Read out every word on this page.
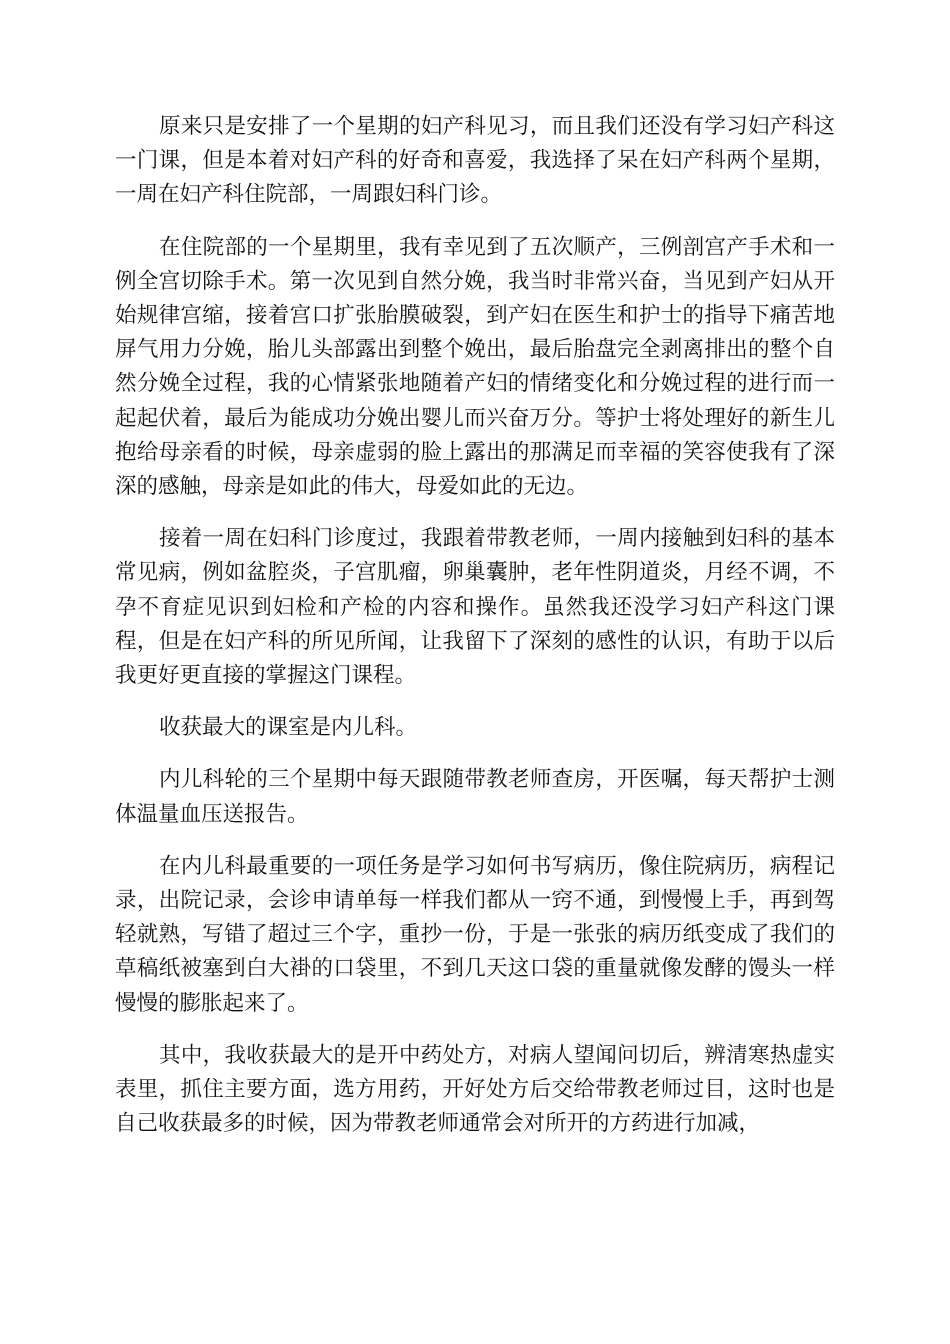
原来只是安排了一个星期的妇产科见习，而且我们还没有学习妇产科这一门课，但是本着对妇产科的好奇和喜爱，我选择了呆在妇产科两个星期，一周在妇产科住院部，一周跟妇科门诊。

在住院部的一个星期里，我有幸见到了五次顺产，三例剖宫产手术和一例全宫切除手术。第一次见到自然分娩，我当时非常兴奋，当见到产妇从开始规律宫缩，接着宫口扩张胎膜破裂，到产妇在医生和护士的指导下痛苦地屏气用力分娩，胎儿头部露出到整个娩出，最后胎盘完全剥离排出的整个自然分娩全过程，我的心情紧张地随着产妇的情绪变化和分娩过程的进行而一起起伏着，最后为能成功分娩出婴儿而兴奋万分。等护士将处理好的新生儿抱给母亲看的时候，母亲虚弱的脸上露出的那满足而幸福的笑容使我有了深深的感触，母亲是如此的伟大，母爱如此的无边。

接着一周在妇科门诊度过，我跟着带教老师，一周内接触到妇科的基本常见病，例如盆腔炎，子宫肌瘤，卵巢囊肿，老年性阴道炎，月经不调，不孕不育症见识到妇检和产检的内容和操作。虽然我还没学习妇产科这门课程，但是在妇产科的所见所闻，让我留下了深刻的感性的认识，有助于以后我更好更直接的掌握这门课程。

收获最大的课室是内儿科。

内儿科轮的三个星期中每天跟随带教老师查房，开医嘱，每天帮护士测体温量血压送报告。

在内儿科最重要的一项任务是学习如何书写病历，像住院病历，病程记录，出院记录，会诊申请单每一样我们都从一窍不通，到慢慢上手，再到驾轻就熟，写错了超过三个字，重抄一份，于是一张张的病历纸变成了我们的草稿纸被塞到白大褂的口袋里，不到几天这口袋的重量就像发酵的馒头一样慢慢的膨胀起来了。

其中，我收获最大的是开中药处方，对病人望闻问切后，辨清寒热虚实表里，抓住主要方面，选方用药，开好处方后交给带教老师过目，这时也是自己收获最多的时候，因为带教老师通常会对所开的方药进行加减，
